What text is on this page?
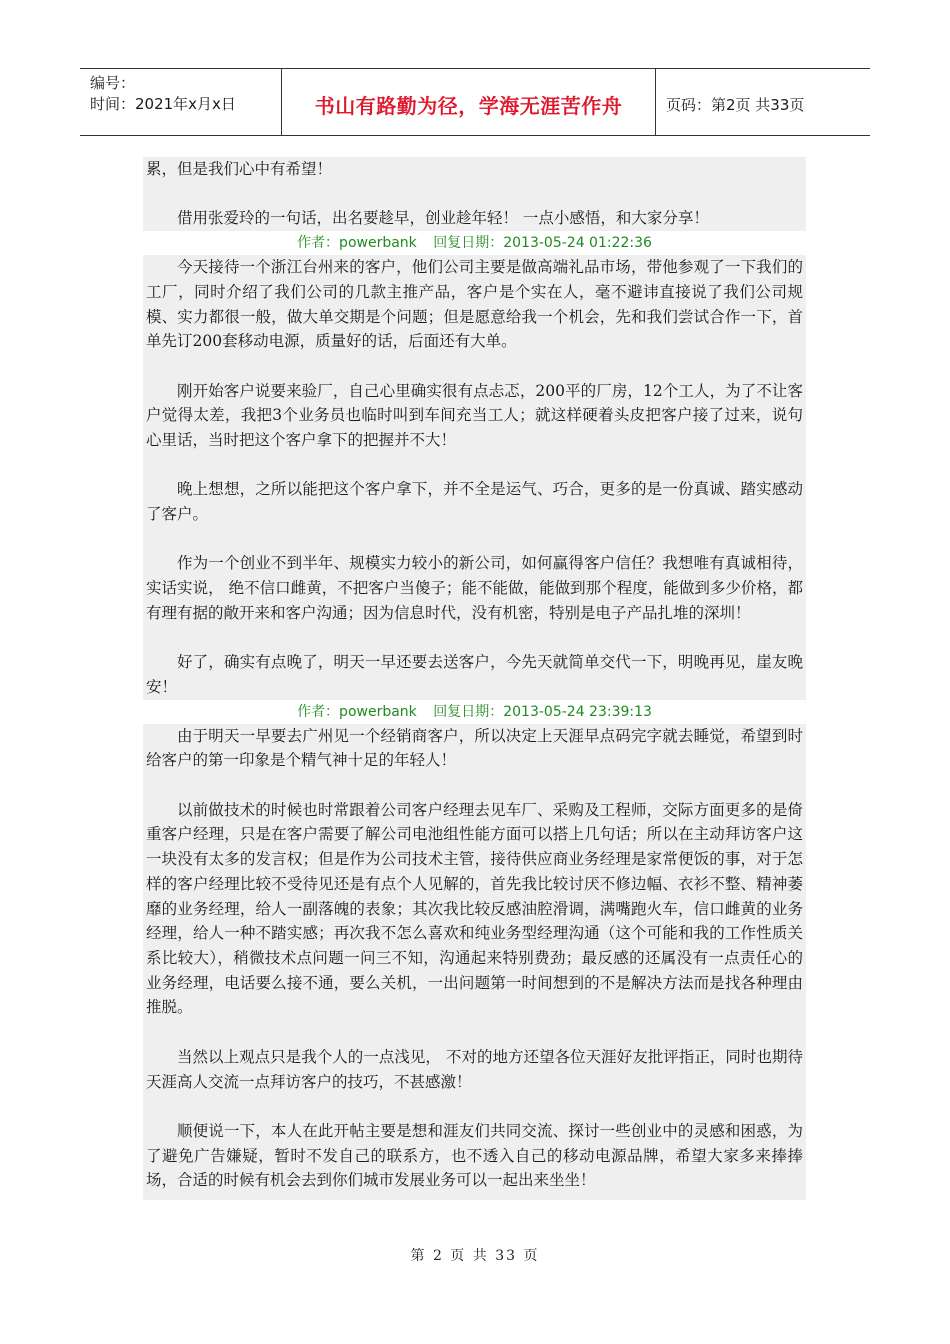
编号：
时间：2021年x月x日	书山有路勤为径，学海无涯苦作舟	页码：第2页 共33页

累，但是我们心中有希望！

借用张爱玲的一句话，出名要趁早，创业趁年轻！ 一点小感悟，和大家分享！

作者：powerbank 回复日期：2013-05-24 01:22:36

今天接待一个浙江台州来的客户，他们公司主要是做高端礼品市场，带他参观了一下我们的工厂，同时介绍了我们公司的几款主推产品，客户是个实在人，毫不避讳直接说了我们公司规模、实力都很一般，做大单交期是个问题；但是愿意给我一个机会，先和我们尝试合作一下，首单先订200套移动电源，质量好的话，后面还有大单。

刚开始客户说要来验厂，自己心里确实很有点忐忑，200平的厂房，12个工人，为了不让客户觉得太差，我把3个业务员也临时叫到车间充当工人；就这样硬着头皮把客户接了过来，说句心里话，当时把这个客户拿下的把握并不大！

晚上想想，之所以能把这个客户拿下，并不全是运气、巧合，更多的是一份真诚、踏实感动了客户。

作为一个创业不到半年、规模实力较小的新公司，如何赢得客户信任？我想唯有真诚相待，实话实说， 绝不信口雌黄，不把客户当傻子；能不能做，能做到那个程度，能做到多少价格，都有理有据的敞开来和客户沟通；因为信息时代，没有机密，特别是电子产品扎堆的深圳！

好了，确实有点晚了，明天一早还要去送客户，今先天就简单交代一下，明晚再见，崖友晚安！

作者：powerbank 回复日期：2013-05-24 23:39:13

由于明天一早要去广州见一个经销商客户，所以决定上天涯早点码完字就去睡觉，希望到时给客户的第一印象是个精气神十足的年轻人！

以前做技术的时候也时常跟着公司客户经理去见车厂、采购及工程师，交际方面更多的是倚重客户经理，只是在客户需要了解公司电池组性能方面可以搭上几句话；所以在主动拜访客户这一块没有太多的发言权；但是作为公司技术主管，接待供应商业务经理是家常便饭的事，对于怎样的客户经理比较不受待见还是有点个人见解的，首先我比较讨厌不修边幅、衣衫不整、精神萎靡的业务经理，给人一副落魄的表象；其次我比较反感油腔滑调，满嘴跑火车，信口雌黄的业务经理，给人一种不踏实感；再次我不怎么喜欢和纯业务型经理沟通（这个可能和我的工作性质关系比较大），稍微技术点问题一问三不知，沟通起来特别费劲；最反感的还属没有一点责任心的业务经理，电话要么接不通，要么关机，一出问题第一时间想到的不是解决方法而是找各种理由推脱。

当然以上观点只是我个人的一点浅见， 不对的地方还望各位天涯好友批评指正，同时也期待天涯高人交流一点拜访客户的技巧，不甚感激！

顺便说一下，本人在此开帖主要是想和涯友们共同交流、探讨一些创业中的灵感和困惑，为了避免广告嫌疑，暂时不发自己的联系方，也不透入自己的移动电源品牌，希望大家多来捧捧场，合适的时候有机会去到你们城市发展业务可以一起出来坐坐！

第 2 页 共 33 页
